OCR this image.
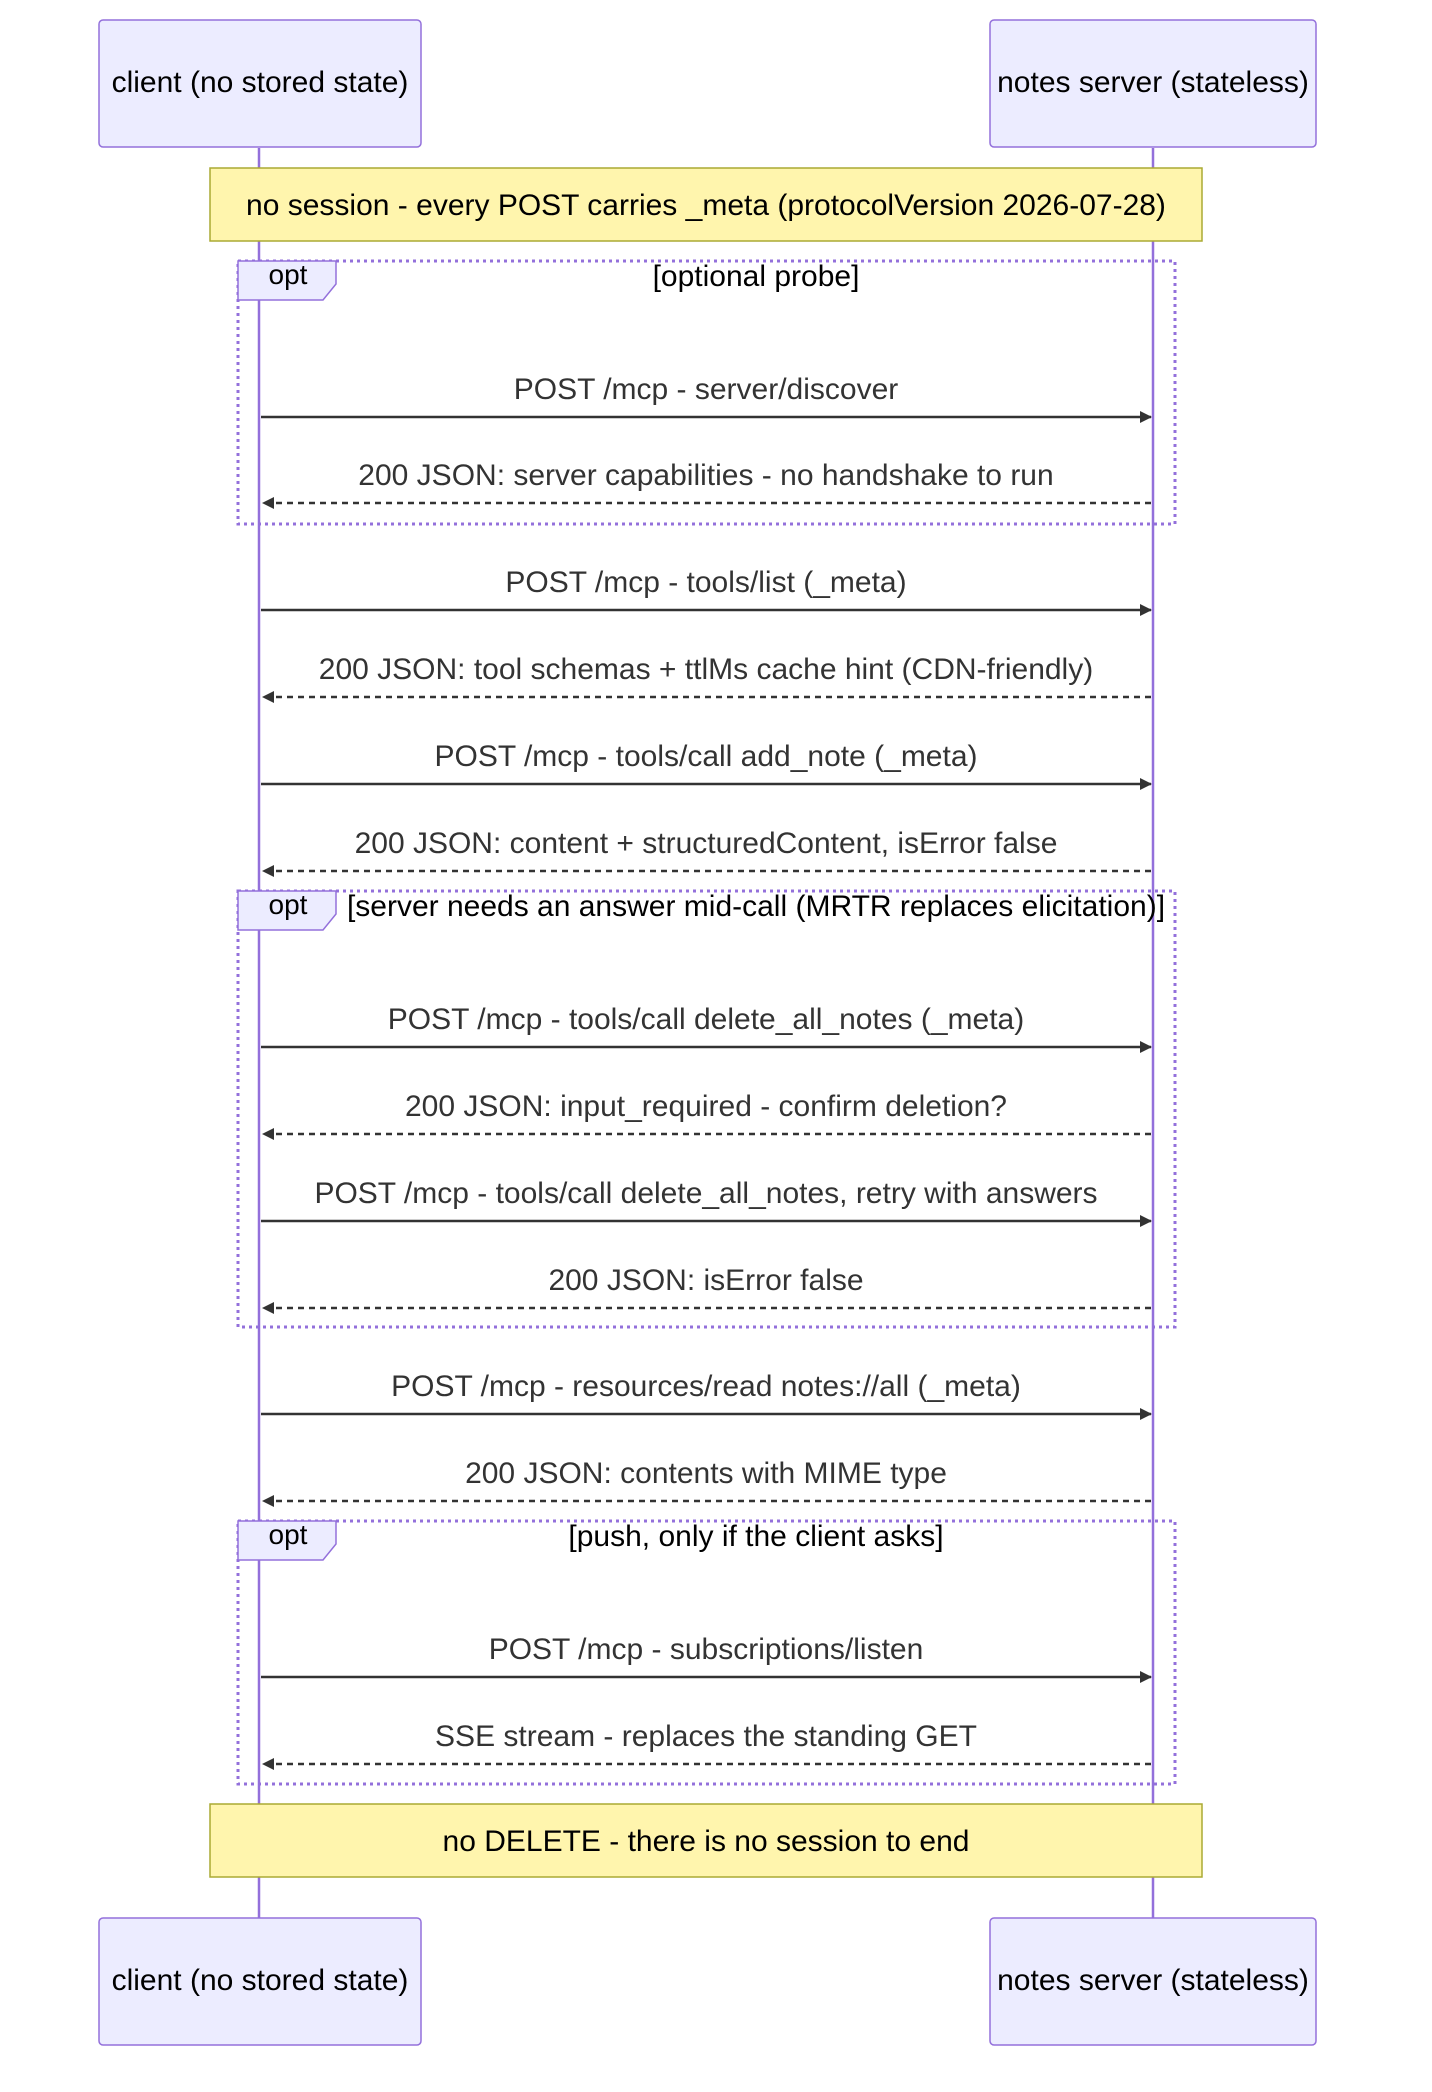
client (no stored state)	notes server (stateless)
no session - every POST carries _meta (protocolVersion 2026-07-28)
opt	[optional probe]
opt [server needs an answer mid-call (MRTR replaces elicitation)]
opt	[push, only if the client asks]
POST /mcp - server/discover
200 JSON: server capabilities - no handshake to run
POST /mcp - tools/list (_meta)
200 JSON: tool schemas + ttlMs cache hint (CDN-friendly)
POST /mcp - tools/call add_note (_meta)
200 JSON: content + structuredContent, isError false
POST /mcp - tools/call delete_all_notes (_meta)
200 JSON: input_required - confirm deletion?
POST /mcp - tools/call delete_all_notes, retry with answers
200 JSON: isError false
POST /mcp - resources/read notes://all (_meta)
200 JSON: contents with MIME type
POST /mcp - subscriptions/listen
SSE stream - replaces the standing GET
no DELETE - there is no session to end
client (no stored state)	notes server (stateless)
